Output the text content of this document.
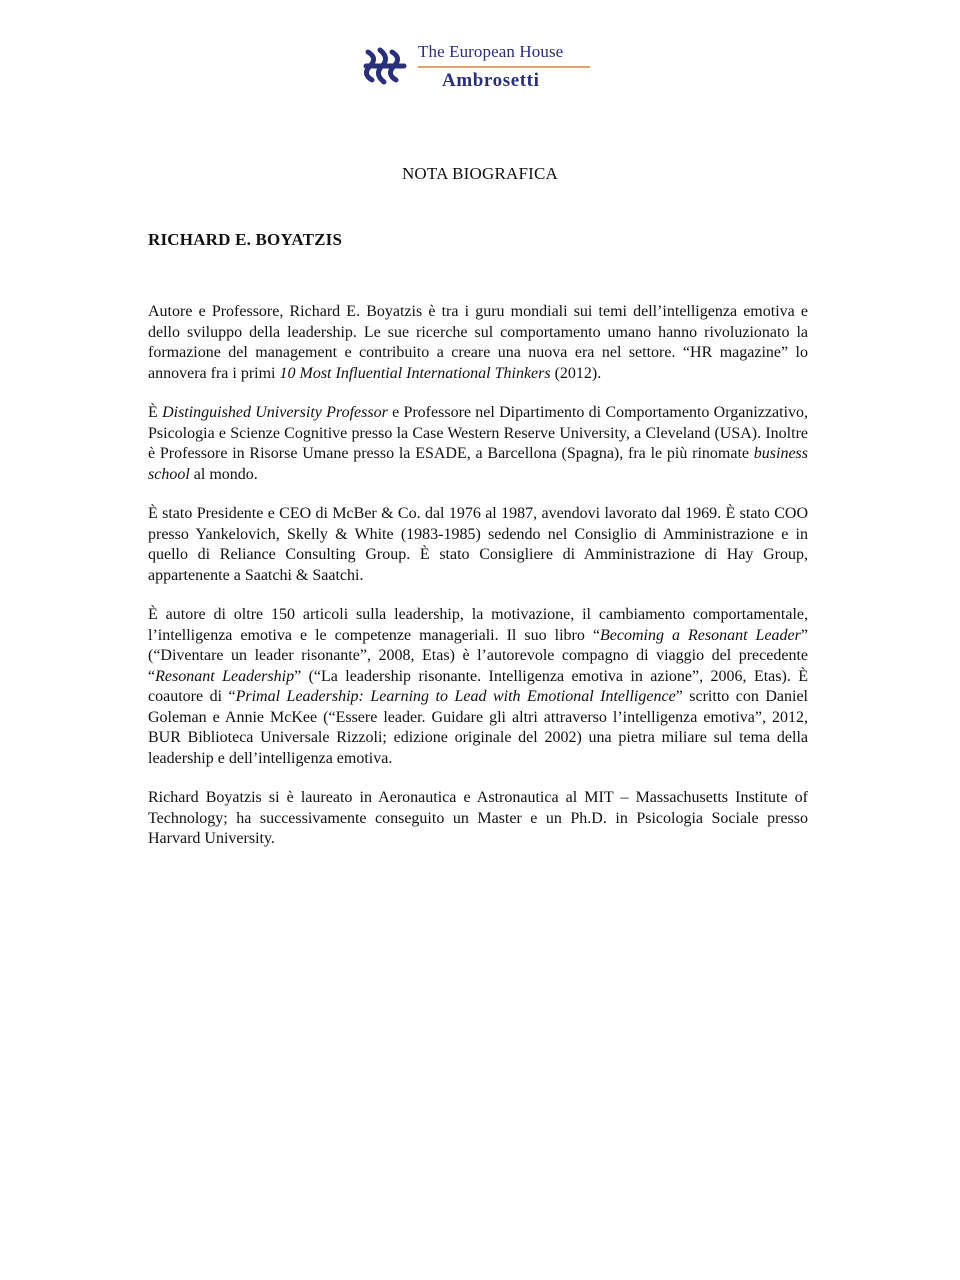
The European House
Ambrosetti
NOTA BIOGRAFICA
RICHARD E. BOYATZIS

Autore e Professore, Richard E. Boyatzis è tra i guru mondiali sui temi dell’intelligenza emotiva e dello sviluppo della leadership. Le sue ricerche sul comportamento umano hanno rivoluzionato la formazione del management e contribuito a creare una nuova era nel settore. “HR magazine” lo annovera fra i primi 10 Most Influential International Thinkers (2012).

È Distinguished University Professor e Professore nel Dipartimento di Comportamento Organizzativo, Psicologia e Scienze Cognitive presso la Case Western Reserve University, a Cleveland (USA). Inoltre è Professore in Risorse Umane presso la ESADE, a Barcellona (Spagna), fra le più rinomate business school al mondo.

È stato Presidente e CEO di McBer & Co. dal 1976 al 1987, avendovi lavorato dal 1969. È stato COO presso Yankelovich, Skelly & White (1983-1985) sedendo nel Consiglio di Amministrazione e in quello di Reliance Consulting Group. È stato Consigliere di Amministrazione di Hay Group, appartenente a Saatchi & Saatchi.

È autore di oltre 150 articoli sulla leadership, la motivazione, il cambiamento comportamentale, l’intelligenza emotiva e le competenze manageriali. Il suo libro “Becoming a Resonant Leader” (“Diventare un leader risonante”, 2008, Etas) è l’autorevole compagno di viaggio del precedente “Resonant Leadership” (“La leadership risonante. Intelligenza emotiva in azione”, 2006, Etas). È coautore di “Primal Leadership: Learning to Lead with Emotional Intelligence” scritto con Daniel Goleman e Annie McKee (“Essere leader. Guidare gli altri attraverso l’intelligenza emotiva”, 2012, BUR Biblioteca Universale Rizzoli; edizione originale del 2002) una pietra miliare sul tema della leadership e dell’intelligenza emotiva.

Richard Boyatzis si è laureato in Aeronautica e Astronautica al MIT – Massachusetts Institute of Technology; ha successivamente conseguito un Master e un Ph.D. in Psicologia Sociale presso Harvard University.
